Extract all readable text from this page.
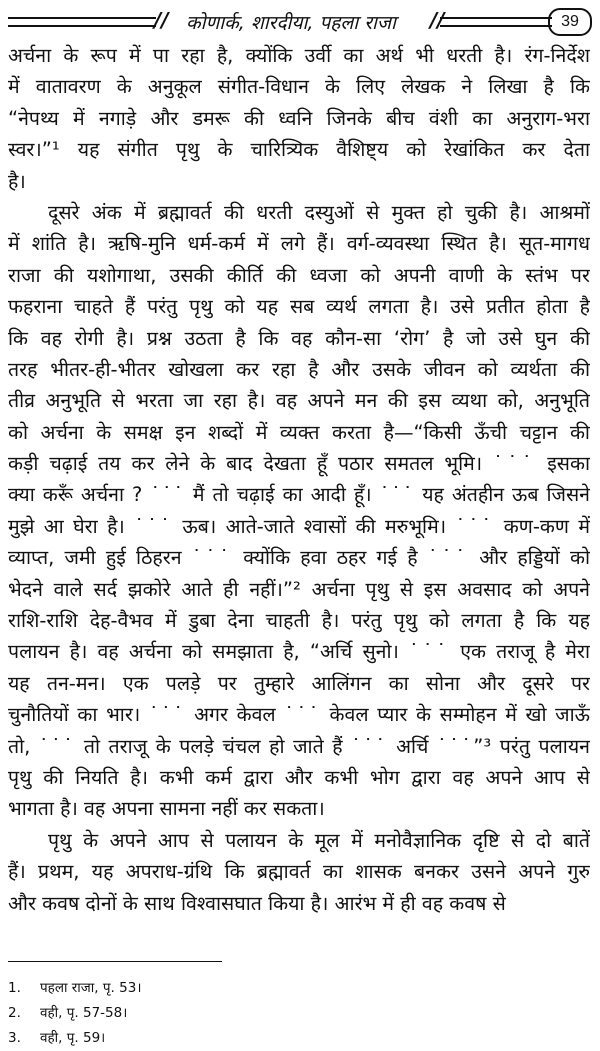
// कोणार्क, शारदीया, पहला राजा //	39
अर्चना के रूप में पा रहा है, क्योंकि उर्वी का अर्थ भी धरती है। रंग-निर्देश
में वातावरण के अनुकूल संगीत-विधान के लिए लेखक ने लिखा है कि
“नेपथ्य में नगाड़े और डमरू की ध्वनि जिनके बीच वंशी का अनुराग-भरा
स्वर।”¹ यह संगीत पृथु के चारित्र्यिक वैशिष्ट्य को रेखांकित कर देता
है।
दूसरे अंक में ब्रह्मावर्त की धरती दस्युओं से मुक्त हो चुकी है। आश्रमों
में शांति है। ऋषि-मुनि धर्म-कर्म में लगे हैं। वर्ग-व्यवस्था स्थित है। सूत-मागध
राजा की यशोगाथा, उसकी कीर्ति की ध्वजा को अपनी वाणी के स्तंभ पर
फहराना चाहते हैं परंतु पृथु को यह सब व्यर्थ लगता है। उसे प्रतीत होता है
कि वह रोगी है। प्रश्न उठता है कि वह कौन-सा ‘रोग’ है जो उसे घुन की
तरह भीतर-ही-भीतर खोखला कर रहा है और उसके जीवन को व्यर्थता की
तीव्र अनुभूति से भरता जा रहा है। वह अपने मन की इस व्यथा को, अनुभूति
को अर्चना के समक्ष इन शब्दों में व्यक्त करता है—“किसी ऊँची चट्टान की
कड़ी चढ़ाई तय कर लेने के बाद देखता हूँ पठार समतल भूमि। ˙˙˙ इसका
क्या करूँ अर्चना ? ˙˙˙ मैं तो चढ़ाई का आदी हूँ। ˙˙˙ यह अंतहीन ऊब जिसने
मुझे आ घेरा है। ˙˙˙ ऊब। आते-जाते श्वासों की मरुभूमि। ˙˙˙ कण-कण में
व्याप्त, जमी हुई ठिहरन ˙˙˙ क्योंकि हवा ठहर गई है ˙˙˙ और हड्डियों को
भेदने वाले सर्द झकोरे आते ही नहीं।”² अर्चना पृथु से इस अवसाद को अपने
राशि-राशि देह-वैभव में डुबा देना चाहती है। परंतु पृथु को लगता है कि यह
पलायन है। वह अर्चना को समझाता है, “अर्चि सुनो। ˙˙˙ एक तराजू है मेरा
यह तन-मन। एक पलड़े पर तुम्हारे आलिंगन का सोना और दूसरे पर
चुनौतियों का भार। ˙˙˙ अगर केवल ˙˙˙ केवल प्यार के सम्मोहन में खो जाऊँ
तो, ˙˙˙ तो तराजू के पलड़े चंचल हो जाते हैं ˙˙˙ अर्चि ˙˙˙”³ परंतु पलायन
पृथु की नियति है। कभी कर्म द्वारा और कभी भोग द्वारा वह अपने आप से
भागता है। वह अपना सामना नहीं कर सकता।
पृथु के अपने आप से पलायन के मूल में मनोवैज्ञानिक दृष्टि से दो बातें
हैं। प्रथम, यह अपराध-ग्रंथि कि ब्रह्मावर्त का शासक बनकर उसने अपने गुरु
और कवष दोनों के साथ विश्वासघात किया है। आरंभ में ही वह कवष से
1. पहला राजा, पृ. 53।
2. वही, पृ. 57-58।
3. वही, पृ. 59।
